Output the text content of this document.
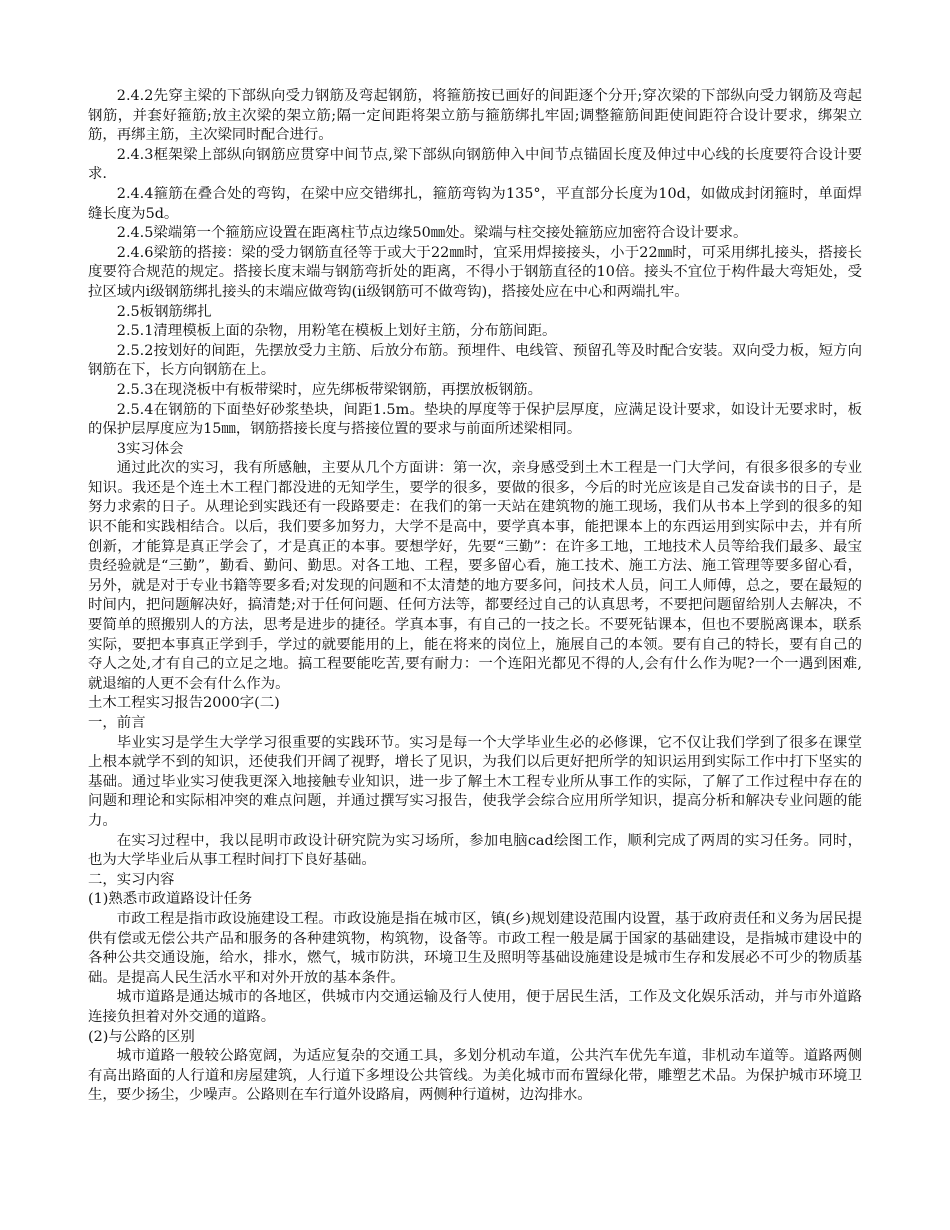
2.4.2先穿主梁的下部纵向受力钢筋及弯起钢筋，将箍筋按已画好的间距逐个分开;穿次梁的下部纵向受力钢筋及弯起钢筋，并套好箍筋;放主次梁的架立筋;隔一定间距将架立筋与箍筋绑扎牢固;调整箍筋间距使间距符合设计要求，绑架立筋，再绑主筋，主次梁同时配合进行。

2.4.3框架梁上部纵向钢筋应贯穿中间节点,梁下部纵向钢筋伸入中间节点锚固长度及伸过中心线的长度要符合设计要求.

2.4.4箍筋在叠合处的弯钩，在梁中应交错绑扎，箍筋弯钩为135°，平直部分长度为10d，如做成封闭箍时，单面焊缝长度为5d。

2.4.5梁端第一个箍筋应设置在距离柱节点边缘50㎜处。梁端与柱交接处箍筋应加密符合设计要求。

2.4.6梁筋的搭接：梁的受力钢筋直径等于或大于22㎜时，宜采用焊接接头，小于22㎜时，可采用绑扎接头，搭接长度要符合规范的规定。搭接长度末端与钢筋弯折处的距离，不得小于钢筋直径的10倍。接头不宜位于构件最大弯矩处，受拉区域内ⅰ级钢筋绑扎接头的末端应做弯钩(ⅱ级钢筋可不做弯钩)，搭接处应在中心和两端扎牢。

2.5板钢筋绑扎

2.5.1清理模板上面的杂物，用粉笔在模板上划好主筋，分布筋间距。

2.5.2按划好的间距，先摆放受力主筋、后放分布筋。预埋件、电线管、预留孔等及时配合安装。双向受力板，短方向钢筋在下，长方向钢筋在上。

2.5.3在现浇板中有板带梁时，应先绑板带梁钢筋，再摆放板钢筋。

2.5.4在钢筋的下面垫好砂浆垫块，间距1.5m。垫块的厚度等于保护层厚度，应满足设计要求，如设计无要求时，板的保护层厚度应为15㎜，钢筋搭接长度与搭接位置的要求与前面所述梁相同。

3实习体会

通过此次的实习，我有所感触，主要从几个方面讲：第一次，亲身感受到土木工程是一门大学问，有很多很多的专业知识。我还是个连土木工程门都没进的无知学生，要学的很多，要做的很多，今后的时光应该是自己发奋读书的日子，是努力求索的日子。从理论到实践还有一段路要走：在我们的第一天站在建筑物的施工现场，我们从书本上学到的很多的知识不能和实践相结合。以后，我们要多加努力，大学不是高中，要学真本事，能把课本上的东西运用到实际中去，并有所创新，才能算是真正学会了，才是真正的本事。要想学好，先要“三勤”：在许多工地，工地技术人员等给我们最多、最宝贵经验就是“三勤”，勤看、勤问、勤思。对各工地、工程，要多留心看，施工技术、施工方法、施工管理等要多留心看，另外，就是对于专业书籍等要多看;对发现的问题和不太清楚的地方要多问，问技术人员，问工人师傅，总之，要在最短的时间内，把问题解决好，搞清楚;对于任何问题、任何方法等，都要经过自己的认真思考，不要把问题留给别人去解决，不要简单的照搬别人的方法，思考是进步的捷径。学真本事，有自己的一技之长。不要死钻课本，但也不要脱离课本，联系实际，要把本事真正学到手，学过的就要能用的上，能在将来的岗位上，施展自己的本领。要有自己的特长，要有自己的夺人之处,才有自己的立足之地。搞工程要能吃苦,要有耐力：一个连阳光都见不得的人,会有什么作为呢?一个一遇到困难,就退缩的人更不会有什么作为。

土木工程实习报告2000字(二)

一，前言

毕业实习是学生大学学习很重要的实践环节。实习是每一个大学毕业生必的必修课，它不仅让我们学到了很多在课堂上根本就学不到的知识，还使我们开阔了视野，增长了见识，为我们以后更好把所学的知识运用到实际工作中打下坚实的基础。通过毕业实习使我更深入地接触专业知识，进一步了解土木工程专业所从事工作的实际，了解了工作过程中存在的问题和理论和实际相冲突的难点问题，并通过撰写实习报告，使我学会综合应用所学知识，提高分析和解决专业问题的能力。

在实习过程中，我以昆明市政设计研究院为实习场所，参加电脑cad绘图工作，顺利完成了两周的实习任务。同时，也为大学毕业后从事工程时间打下良好基础。

二，实习内容

(1)熟悉市政道路设计任务

市政工程是指市政设施建设工程。市政设施是指在城市区，镇(乡)规划建设范围内设置，基于政府责任和义务为居民提供有偿或无偿公共产品和服务的各种建筑物，构筑物，设备等。市政工程一般是属于国家的基础建设，是指城市建设中的各种公共交通设施，给水，排水，燃气，城市防洪，环境卫生及照明等基础设施建设是城市生存和发展必不可少的物质基础。是提高人民生活水平和对外开放的基本条件。

城市道路是通达城市的各地区，供城市内交通运输及行人使用，便于居民生活，工作及文化娱乐活动，并与市外道路连接负担着对外交通的道路。

(2)与公路的区别

城市道路一般较公路宽阔，为适应复杂的交通工具，多划分机动车道，公共汽车优先车道，非机动车道等。道路两侧有高出路面的人行道和房屋建筑，人行道下多埋设公共管线。为美化城市而布置绿化带，雕塑艺术品。为保护城市环境卫生，要少扬尘，少噪声。公路则在车行道外设路肩，两侧种行道树，边沟排水。
